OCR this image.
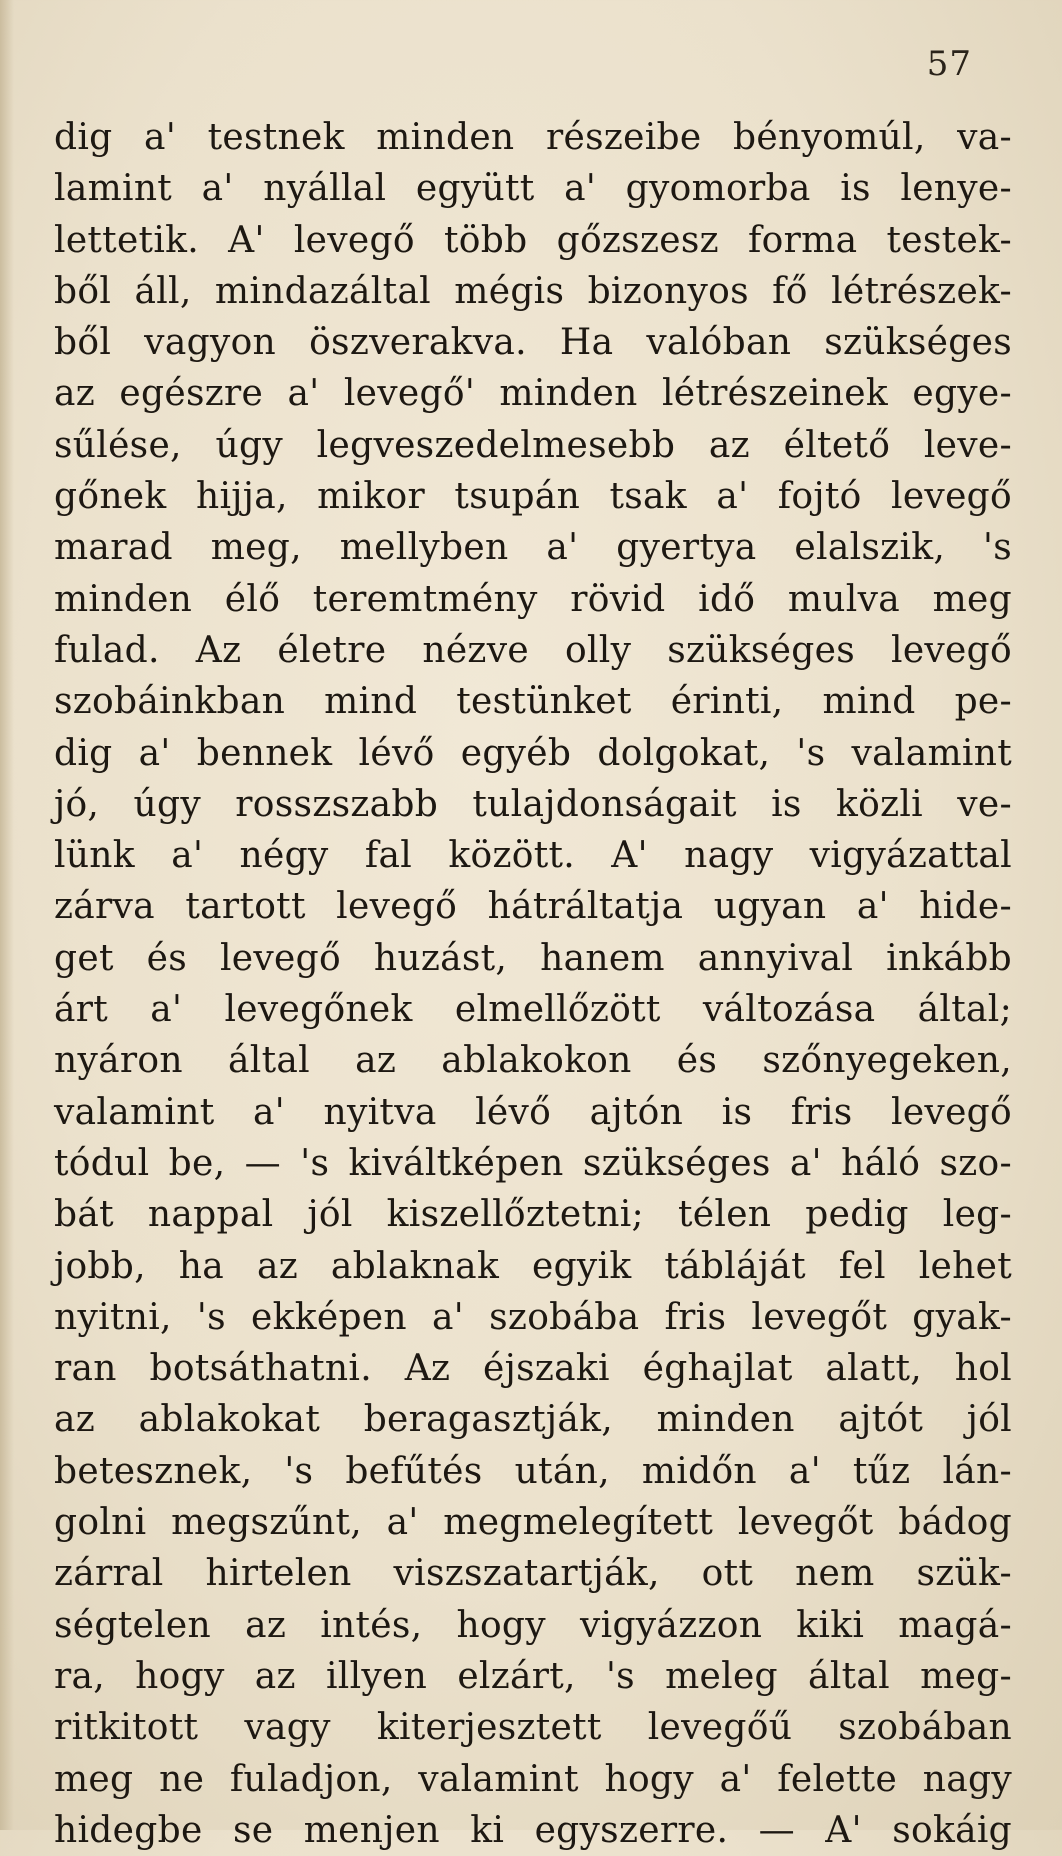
57
dig a' testnek minden részeibe bényomúl, va-
lamint a' nyállal együtt a' gyomorba is lenye-
lettetik. A' levegő több gőzszesz forma testek-
ből áll, mindazáltal mégis bizonyos fő létrészek-
ből vagyon öszverakva. Ha valóban szükséges
az egészre a' levegő' minden létrészeinek egye-
sűlése, úgy legveszedelmesebb az éltető leve-
gőnek hijja, mikor tsupán tsak a' fojtó levegő
marad meg, mellyben a' gyertya elalszik, 's
minden élő teremtmény rövid idő mulva meg
fulad. Az életre nézve olly szükséges levegő
szobáinkban mind testünket érinti, mind pe-
dig a' bennek lévő egyéb dolgokat, 's valamint
jó, úgy rosszszabb tulajdonságait is közli ve-
lünk a' négy fal között. A' nagy vigyázattal
zárva tartott levegő hátráltatja ugyan a' hide-
get és levegő huzást, hanem annyival inkább
árt a' levegőnek elmellőzött változása által;
nyáron által az ablakokon és szőnyegeken,
valamint a' nyitva lévő ajtón is fris levegő
tódul be, — 's kiváltképen szükséges a' háló szo-
bát nappal jól kiszellőztetni; télen pedig leg-
jobb, ha az ablaknak egyik tábláját fel lehet
nyitni, 's ekképen a' szobába fris levegőt gyak-
ran botsáthatni. Az éjszaki éghajlat alatt, hol
az ablakokat beragasztják, minden ajtót jól
betesznek, 's befűtés után, midőn a' tűz lán-
golni megszűnt, a' megmelegített levegőt bádog
zárral hirtelen viszszatartják, ott nem szük-
ségtelen az intés, hogy vigyázzon kiki magá-
ra, hogy az illyen elzárt, 's meleg által meg-
ritkitott vagy kiterjesztett levegőű szobában
meg ne fuladjon, valamint hogy a' felette nagy
hidegbe se menjen ki egyszerre. — A' sokáig
